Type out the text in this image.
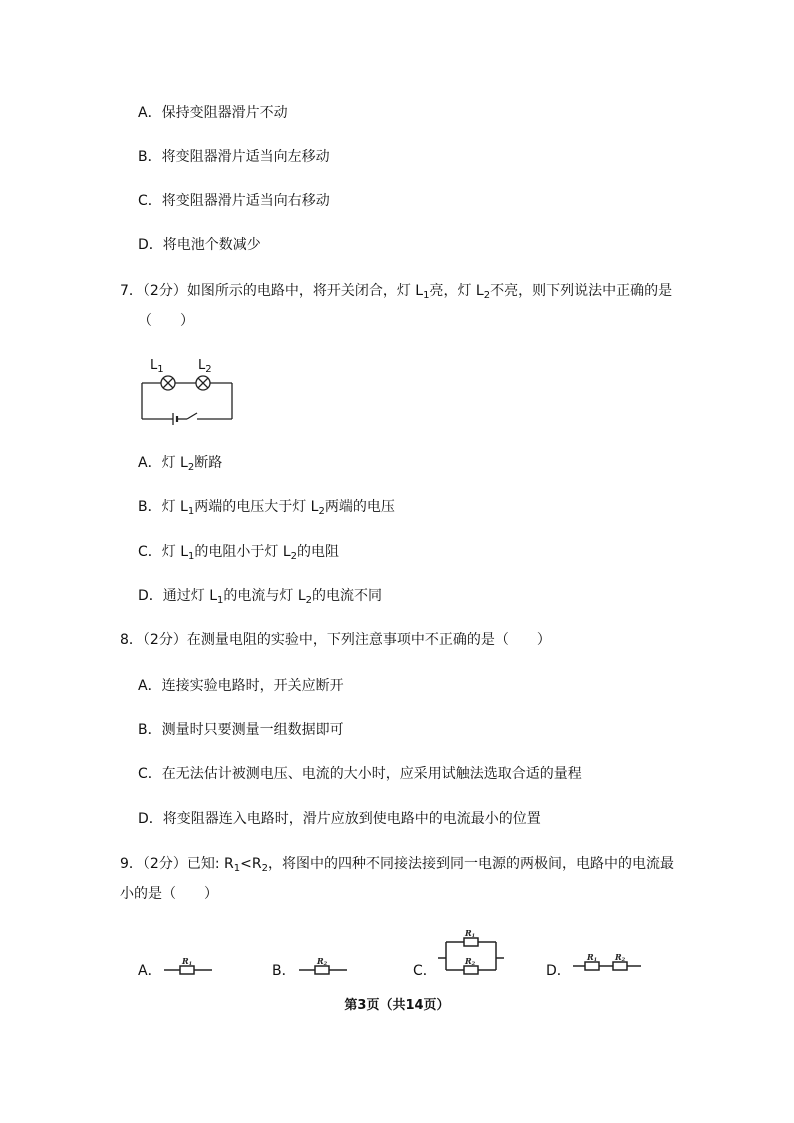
A．保持变阻器滑片不动
B．将变阻器滑片适当向左移动
C．将变阻器滑片适当向右移动
D．将电池个数减少
7．（2分）如图所示的电路中，将开关闭合，灯 $L_1$亮，灯 $L_2$不亮，则下列说法中正确的是
（　　）
$L_1$	$L_2$
A．灯 $L_2$断路
B．灯 $L_1$两端的电压大于灯 $L_2$两端的电压
C．灯 $L_1$的电阻小于灯 $L_2$的电阻
D．通过灯 $L_1$的电流与灯 $L_2$的电流不同
8．（2分）在测量电阻的实验中，下列注意事项中不正确的是（　　）
A．连接实验电路时，开关应断开
B．测量时只要测量一组数据即可
C．在无法估计被测电压、电流的大小时，应采用试触法选取合适的量程
D．将变阻器连入电路时，滑片应放到使电路中的电流最小的位置
9．（2分）已知: $R_1<R_2$，将图中的四种不同接法接到同一电源的两极间，电路中的电流最
小的是（　　）
A．
R1	B．
R2	C．
R1
R2	D．
R1 R2
第3页（共14页）
